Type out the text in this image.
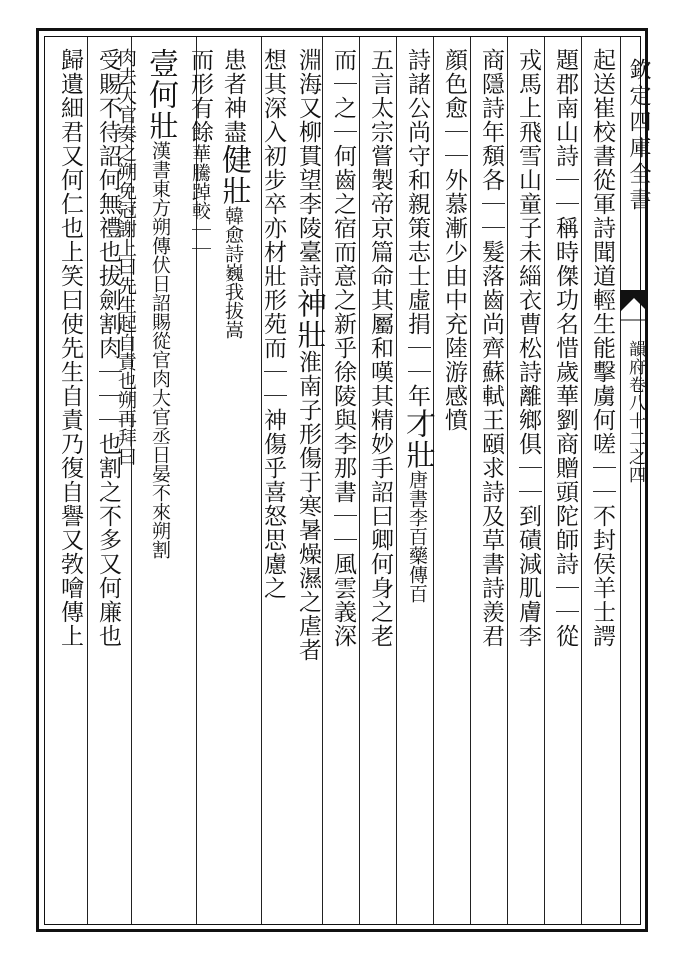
欽定四庫全書
韻府卷八十二之四
起送崔校書從軍詩聞道輕生能擊虜何嗟｜｜不封侯羊士諤
題郡南山詩｜｜稱時傑功名惜歲華劉商贈頭陀師詩｜｜從
戎馬上飛雪山童子未緇衣曹松詩離鄉俱｜｜到磧減肌膚李
商隱詩年頽各｜｜髮落齒尚齊蘇軾王頤求詩及草書詩羨君
顔色愈｜｜外慕漸少由中充陸游感憤
詩諸公尚守和親策志士虛捐｜｜年才壯唐書李百藥傳百
五言太宗嘗製帝京篇命其屬和嘆其精妙手詔曰卿何身之老
而｜之｜何齒之宿而意之新乎徐陵與李那書｜｜風雲義深
淵海又柳貫望李陵臺詩神壯淮南子形傷于寒暑燥濕之虐者
想其深入初步卒亦材壯形苑而｜｜神傷乎喜怒思慮之
患者神盡健壯韓愈詩巍我拔嵩
而形有餘華騰踔較｜｜
壹何壯漢書東方朔傳伏日詔賜從官肉大官丞日晏不來朔割
肉去大官奏之朔免冠謝上曰先生起自責也朔再拜曰
受賜不待詔何無禮也拔劍割肉｜｜｜也割之不多又何廉也
歸遺細君又何仁也上笑曰使先生自責乃復自譽又㪍噲傳上
